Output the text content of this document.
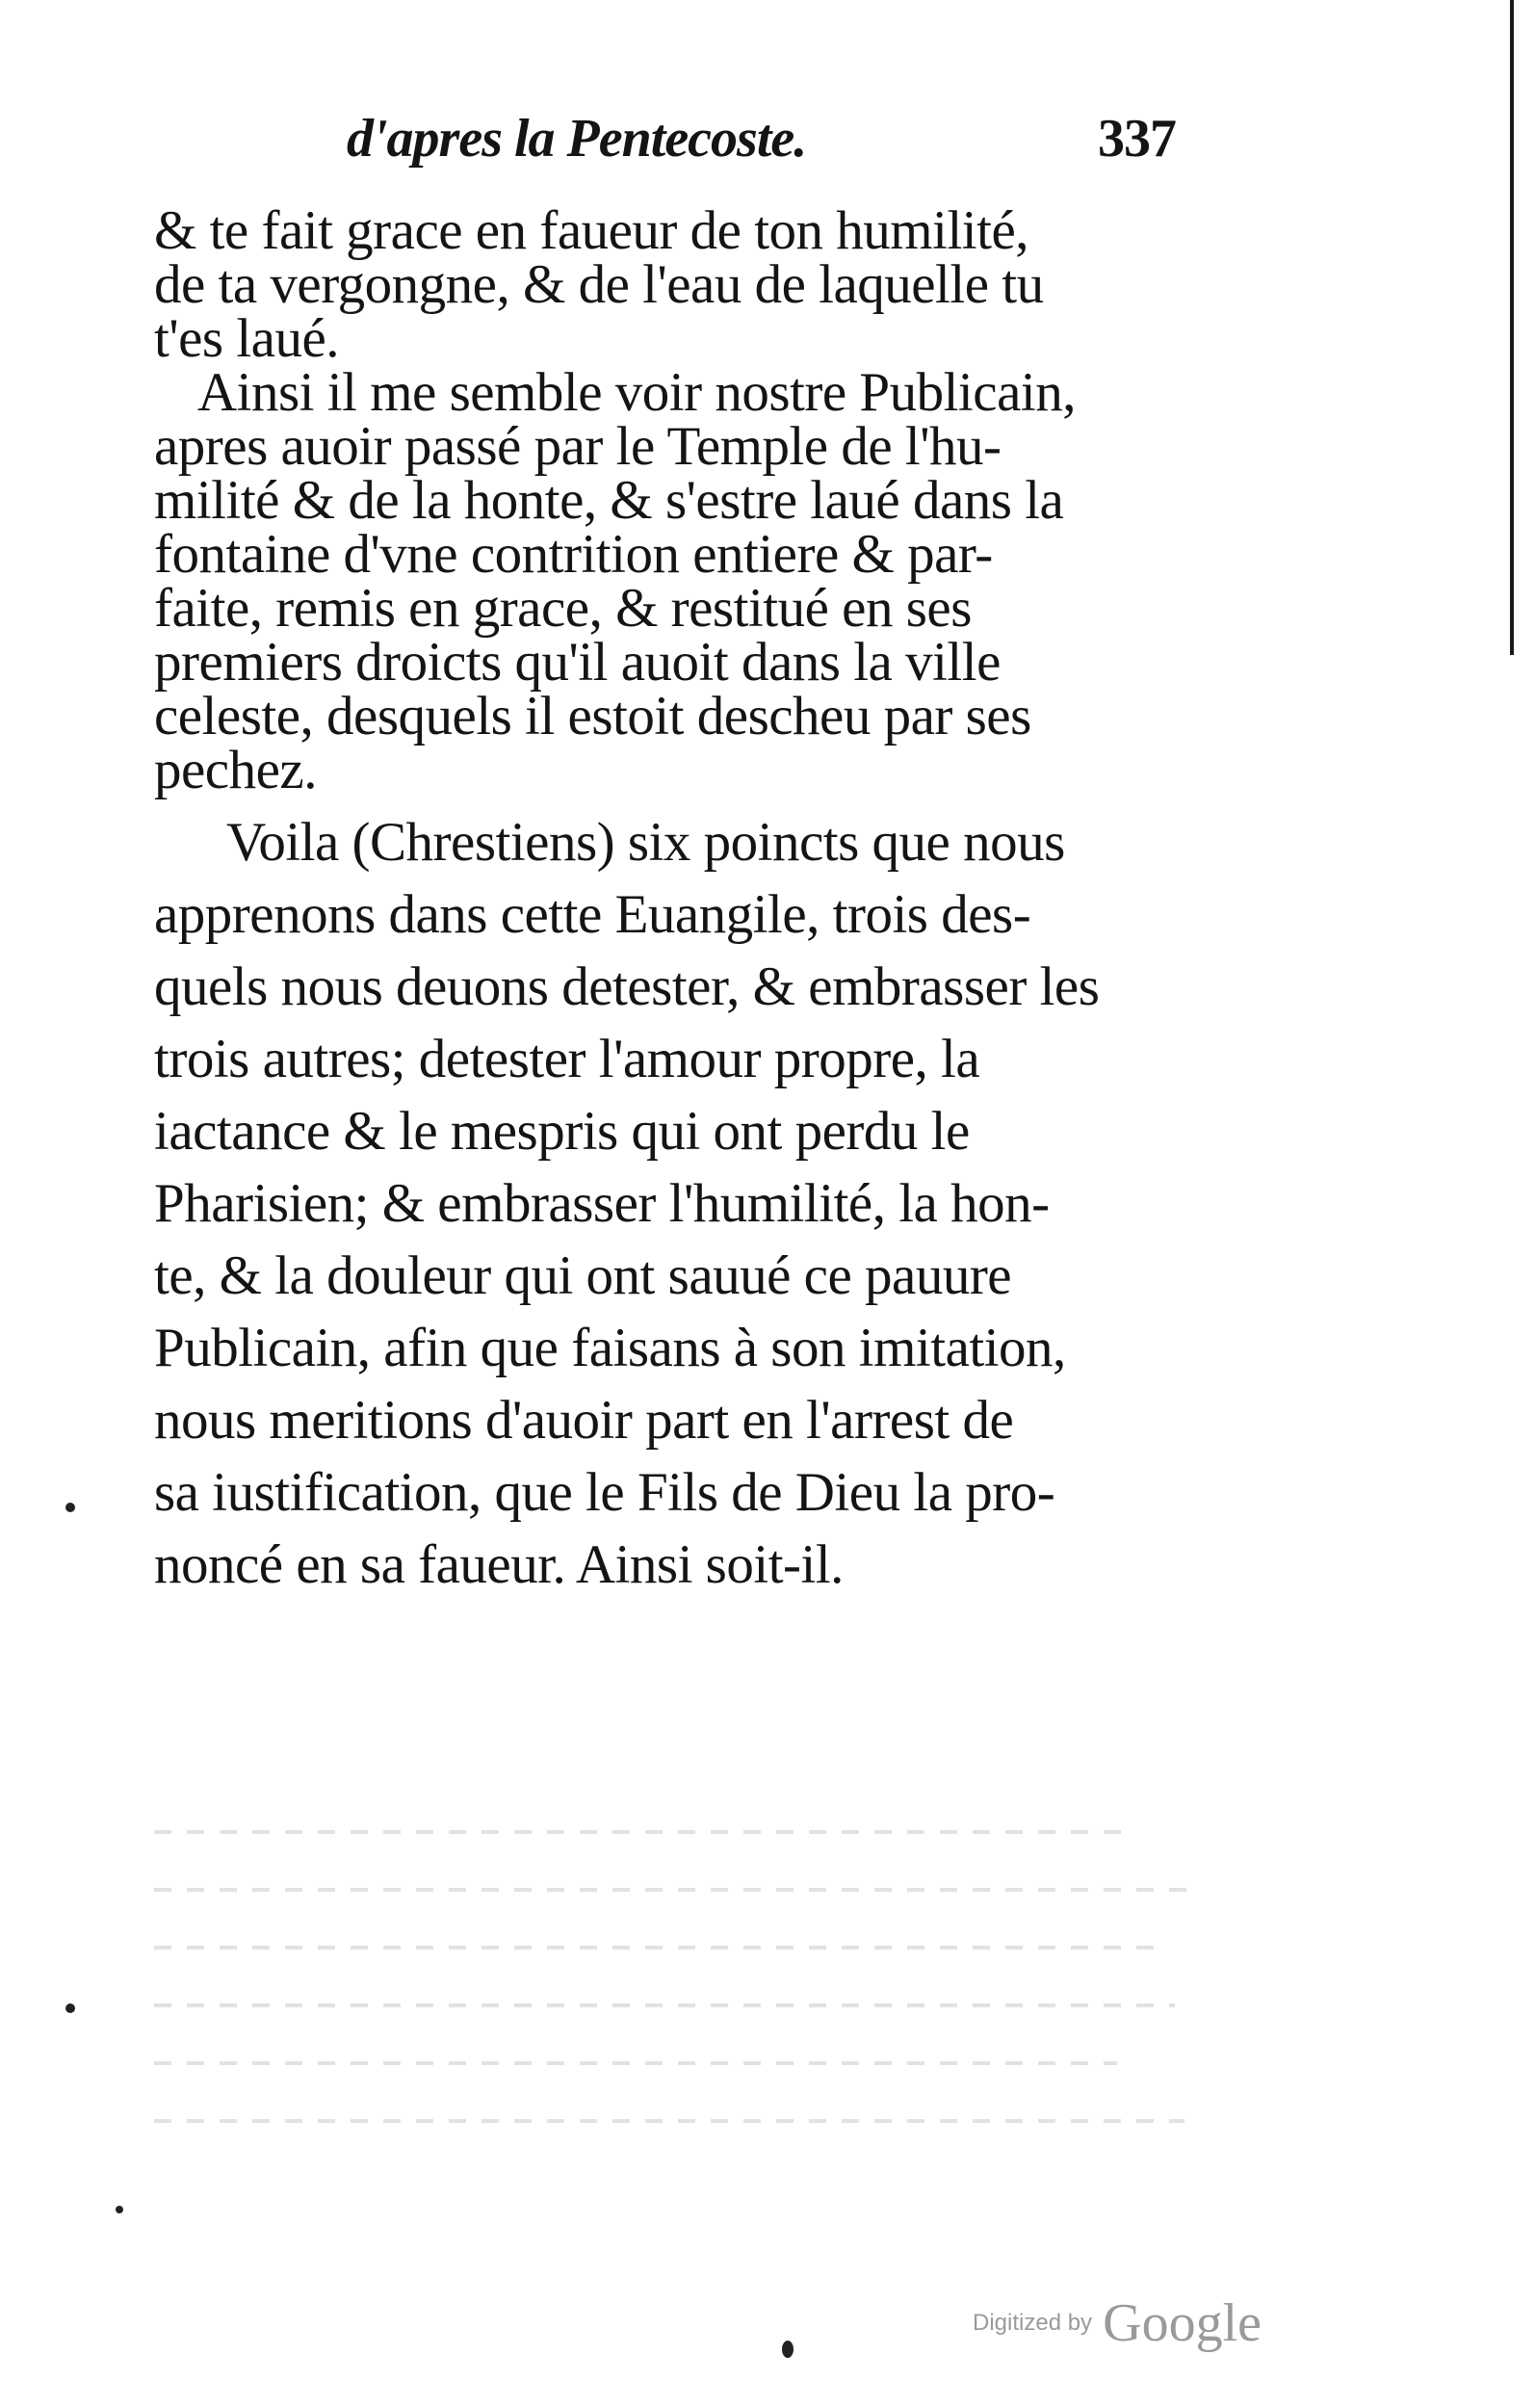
d'apres la Pentecoste.	337
& te fait grace en faueur de ton humilité,
de ta vergongne, & de l'eau de laquelle tu
t'es laué.
Ainsi il me semble voir nostre Publicain,
apres auoir passé par le Temple de l'hu-
milité & de la honte, & s'estre laué dans la
fontaine d'vne contrition entiere & par-
faite, remis en grace, & restitué en ses
premiers droicts qu'il auoit dans la ville
celeste, desquels il estoit descheu par ses
pechez.
Voila (Chrestiens) six poincts que nous
apprenons dans cette Euangile, trois des-
quels nous deuons detester, & embrasser les
trois autres; detester l'amour propre, la
iactance & le mespris qui ont perdu le
Pharisien; & embrasser l'humilité, la hon-
te, & la douleur qui ont sauué ce pauure
Publicain, afin que faisans à son imitation,
nous meritions d'auoir part en l'arrest de
sa iustification, que le Fils de Dieu la pro-
noncé en sa faueur. Ainsi soit-il.
Digitized by Google
